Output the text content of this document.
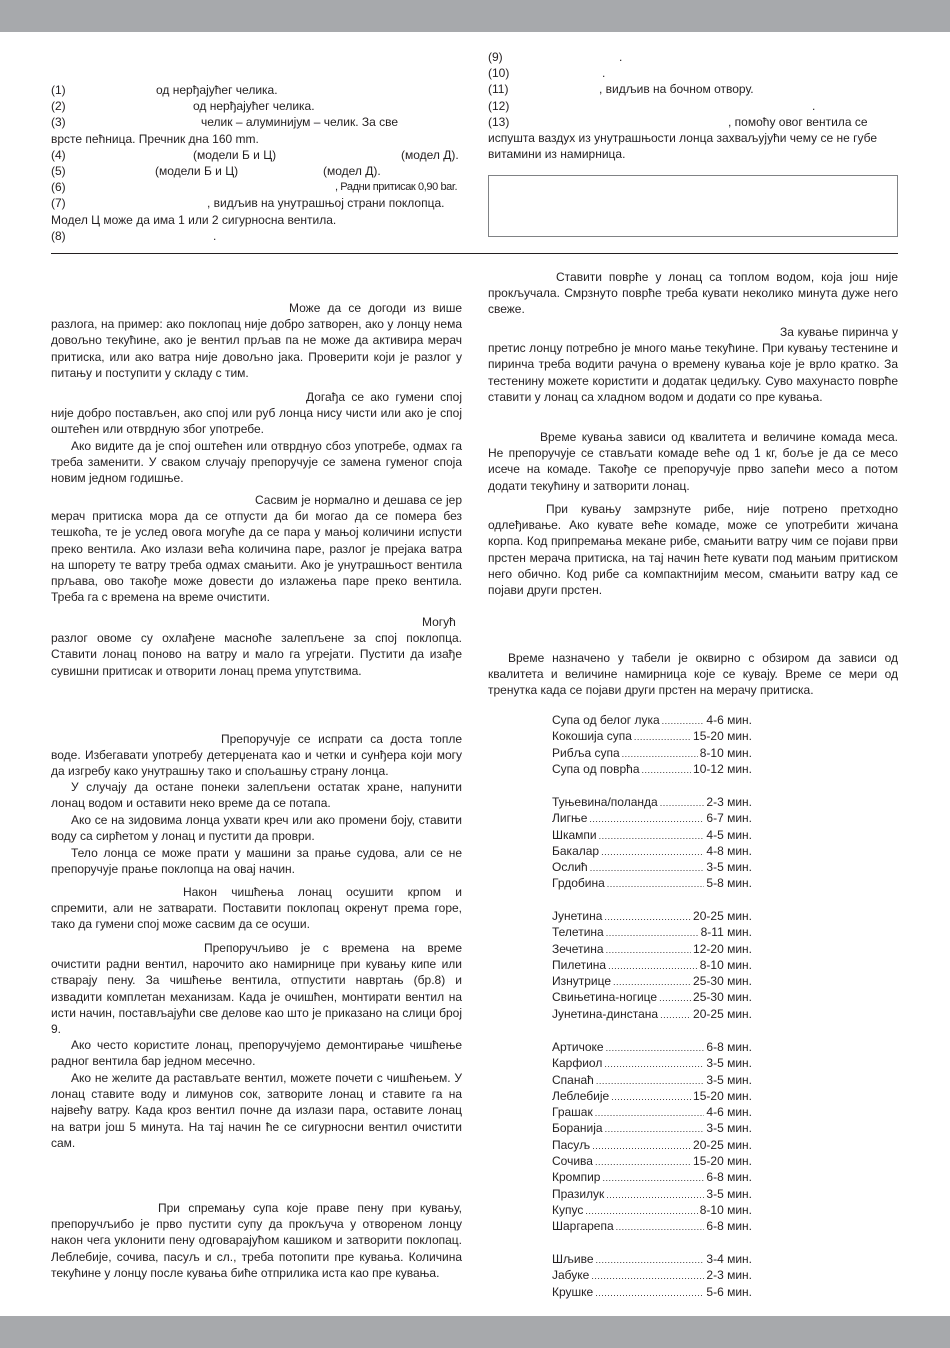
(1)	од нерђајућег челика.
(2)	од нерђајућег челика.
(3)	челик – алуминијум – челик. За све
врсте пећница. Пречник дна 160 mm.
(4)	(модели Б и Ц)	(модел Д).
(5)	(модели Б и Ц)	(модел Д).
(6)	, Радни притисак 0,90 bar.
(7)	, видљив на унутрашњој страни поклопца.
Модел Ц може да има 1 или 2 сигурносна вентила.
(8)	.
(9)	.
(10)	.
(11)	, видљив на бочном отвору.
(12)	.
(13)	, помоћу овог вентила се
испушта ваздух из унутрашњости лонца захваљујући чему се не губе
витамини из намирница.

Може да се догоди из више разлога, на пример: ако поклопац није добро затворен, ако у лонцу нема довољно текућине, ако је вентил прљав па не може да активира мерач притиска, или ако ватра није довољно јака. Проверити који је разлог у питању и поступити у складу с тим.

Догађа се ако гумени спој није добро постављен, ако спој или руб лонца нису чисти или ако је спој оштећен или отврдную због употребе.

Ако видите да је спој оштећен или отврднуо сбоз употребе, одмах га треба заменити. У сваком случају препоручује се замена гуменог споја новим једном годишње.

Сасвим је нормално и дешава се јер мерач притиска мора да се отпусти да би могао да се помера без тешкоћа, те је услед овога могуће да се пара у мањој количини испусти преко вентила. Ако излази већа количина паре, разлог је прејака ватра на шпорету те ватру треба одмах смањити. Ако је унутрашњост вентила прљава, ово такође може довести до излажења паре преко вентила. Треба га с времена на време очистити.

Могућ разлог овоме су охлађене масноће залепљене за спој поклопца. Ставити лонац поново на ватру и мало га угрејати. Пустити да изађе сувишни притисак и отворити лонац према упутствима.

Препоручује се испрати са доста топле воде. Избегавати употребу детерџената као и четки и сунђера који могу да изгребу како унутрашњу тако и спољашњу страну лонца.

У случају да остане понеки залепљени остатак хране, напунити лонац водом и оставити неко време да се потапа.

Ако се на зидовима лонца ухвати креч или ако промени боју, ставити воду са сирћетом у лонац и пустити да проври.

Тело лонца се може прати у машини за прање судова, али се не препоручује прање поклопца на овај начин.

Након чишћења лонац осушити крпом и спремити, али не затварати. Поставити поклопац окренут према горе, тако да гумени спој може сасвим да се осуши.

Препоручљиво је с времена на време очистити радни вентил, нарочито ако намирнице при кувању кипе или стварају пену. За чишћење вентила, отпустити навртањ (бр.8) и извадити комплетан механизам. Када је очишћен, монтирати вентил на исти начин, постављајући све делове као што је приказано на слици број 9.

Ако често користите лонац, препоручујемо демонтирање чишћење радног вентила бар једном месечно.

Ако не желите да растављате вентил, можете почети с чишћењем. У лонац ставите воду и лимунов сок, затворите лонац и ставите га на највећу ватру. Када кроз вентил почне да излази пара, оставите лонац на ватри још 5 минута. На тај начин ће се сигурносни вентил очистити сам.

При спремању супа које праве пену при кувању, препоручљибо је прво пустити супу да прокључа у отвореном лонцу након чега уклонити пену одговарајућом кашиком и затворити поклопац. Леблебије, сочива, пасуљ и сл., треба потопити пре кувања. Количина текућине у лонцу после кувања биће отприлика иста као пре кувања.

Ставити поврће у лонац са топлом водом, која још није прокључала. Смрзнуто поврће треба кувати неколико минута дуже него свеже.

За кување пиринча у претис лонцу потребно је много мање текућине. При кувању тестенине и пиринча треба водити рачуна о времену кувања које је врло кратко. За тестенину можете користити и додатак цедиљку. Суво махунасто поврће ставити у лонац са хладном водом и додати со пре кувања.

Време кувања зависи од квалитета и величине комада меса. Не препоручује се стављати комаде веће од 1 кг, боље је да се месо исече на комаде. Такође се препоручује прво запећи месо а потом додати текућину и затворити лонац.

При кувању замрзнуте рибе, није потрено претходно одлеђивање. Ако кувате веће комаде, може се употребити жичана корпа. Код припремања мекане рибе, смањити ватру чим се појави први прстен мерача притиска, на тај начин ћете кувати под мањим притиском него обично. Код рибе са компактнијим месом, смањити ватру кад се појави други прстен.

Време назначено у табели је оквирно с обзиром да зависи од квалитета и величине намирница које се кувају. Време се мери од тренутка када се појави други прстен на мерачу притиска.

Супа од белог лука .....	4-6 мин.
Кокошија супа .....	15-20 мин.
Рибља супа .....	8-10 мин.
Супа од поврћа .....	10-12 мин.
Туњевина/поланда .....	2-3 мин.
Лигње .....	6-7 мин.
Шкампи .....	4-5 мин.
Бакалар .....	4-8 мин.
Ослић .....	3-5 мин.
Грдобина .....	5-8 мин.
Јунетина .....	20-25 мин.
Телетина .....	8-11 мин.
Зечетина .....	12-20 мин.
Пилетина .....	8-10 мин.
Изнутрице .....	25-30 мин.
Свињетина-ногице .....	25-30 мин.
Јунетина-динстана .....	20-25 мин.
Артичоке .....	6-8 мин.
Карфиол .....	3-5 мин.
Спанаћ .....	3-5 мин.
Леблебије .....	15-20 мин.
Грашак .....	4-6 мин.
Боранија .....	3-5 мин.
Пасуљ .....	20-25 мин.
Сочива .....	15-20 мин.
Кромпир .....	6-8 мин.
Празилук .....	3-5 мин.
Купус .....	8-10 мин.
Шаргарепа .....	6-8 мин.
Шљиве .....	3-4 мин.
Јабуке .....	2-3 мин.
Крушке .....	5-6 мин.
